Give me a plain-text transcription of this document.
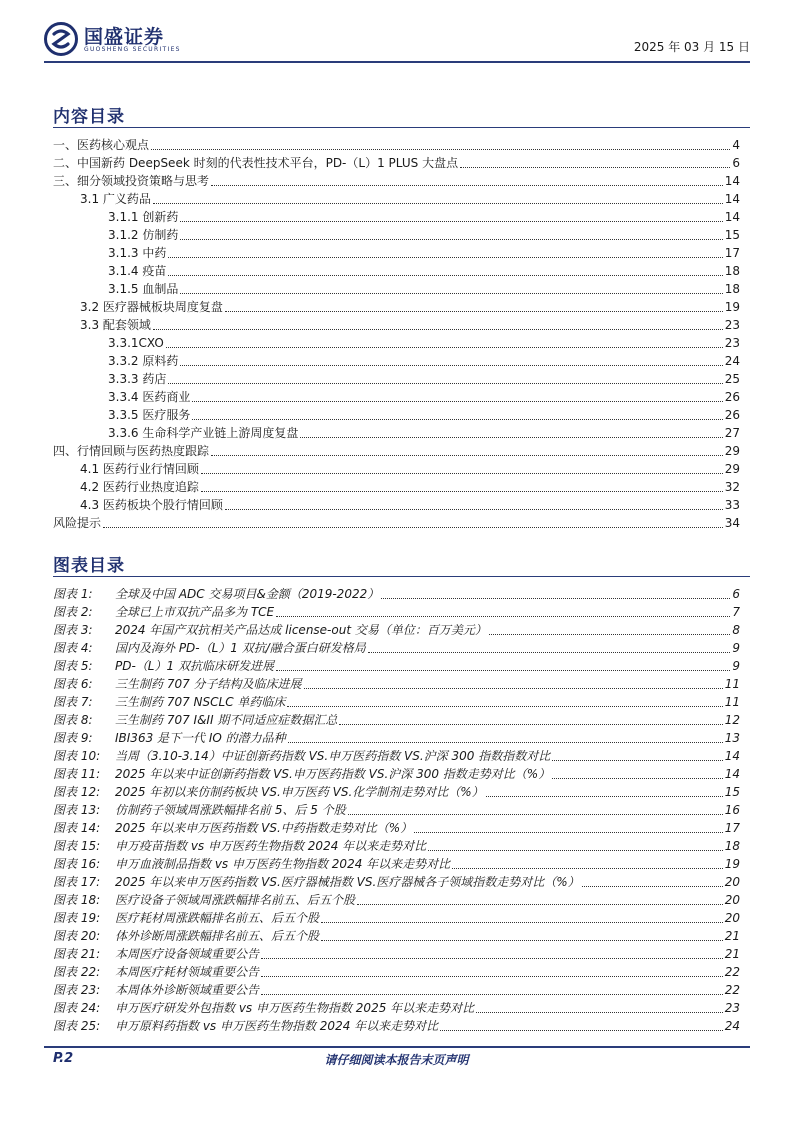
国盛证券
GUOSHENG SECURITIES	2025 年 03 月 15 日
内容目录
一、医药核心观点	4
二、中国新药 DeepSeek 时刻的代表性技术平台，PD-（L）1 PLUS 大盘点	6
三、细分领域投资策略与思考	14
3.1 广义药品	14
3.1.1 创新药	14
3.1.2 仿制药	15
3.1.3 中药	17
3.1.4 疫苗	18
3.1.5 血制品	18
3.2 医疗器械板块周度复盘	19
3.3 配套领域	23
3.3.1CXO	23
3.3.2 原料药	24
3.3.3 药店	25
3.3.4 医药商业	26
3.3.5 医疗服务	26
3.3.6 生命科学产业链上游周度复盘	27
四、行情回顾与医药热度跟踪	29
4.1 医药行业行情回顾	29
4.2 医药行业热度追踪	32
4.3 医药板块个股行情回顾	33
风险提示	34
图表目录
图表 1: 全球及中国 ADC 交易项目&金额（2019-2022）	6
图表 2: 全球已上市双抗产品多为 TCE	7
图表 3: 2024 年国产双抗相关产品达成 license-out 交易（单位：百万美元）	8
图表 4: 国内及海外 PD-（L）1 双抗/融合蛋白研发格局	9
图表 5: PD-（L）1 双抗临床研发进展	9
图表 6: 三生制药 707 分子结构及临床进展	11
图表 7: 三生制药 707 NSCLC 单药临床	11
图表 8: 三生制药 707 I&II 期不同适应症数据汇总	12
图表 9: IBI363 是下一代 IO 的潜力品种	13
图表 10: 当周（3.10-3.14）中证创新药指数 VS.申万医药指数 VS.沪深 300 指数指数对比	14
图表 11: 2025 年以来中证创新药指数 VS.申万医药指数 VS.沪深 300 指数走势对比（%）	14
图表 12: 2025 年初以来仿制药板块 VS.申万医药 VS.化学制剂走势对比（%）	15
图表 13: 仿制药子领域周涨跌幅排名前 5、后 5 个股	16
图表 14: 2025 年以来申万医药指数 VS.中药指数走势对比（%）	17
图表 15: 申万疫苗指数 vs 申万医药生物指数 2024 年以来走势对比	18
图表 16: 申万血液制品指数 vs 申万医药生物指数 2024 年以来走势对比	19
图表 17: 2025 年以来申万医药指数 VS.医疗器械指数 VS.医疗器械各子领域指数走势对比（%）	20
图表 18: 医疗设备子领域周涨跌幅排名前五、后五个股	20
图表 19: 医疗耗材周涨跌幅排名前五、后五个股	20
图表 20: 体外诊断周涨跌幅排名前五、后五个股	21
图表 21: 本周医疗设备领域重要公告	21
图表 22: 本周医疗耗材领域重要公告	22
图表 23: 本周体外诊断领域重要公告	22
图表 24: 申万医疗研发外包指数 vs 申万医药生物指数 2025 年以来走势对比	23
图表 25: 申万原料药指数 vs 申万医药生物指数 2024 年以来走势对比	24
P.2	请仔细阅读本报告末页声明
